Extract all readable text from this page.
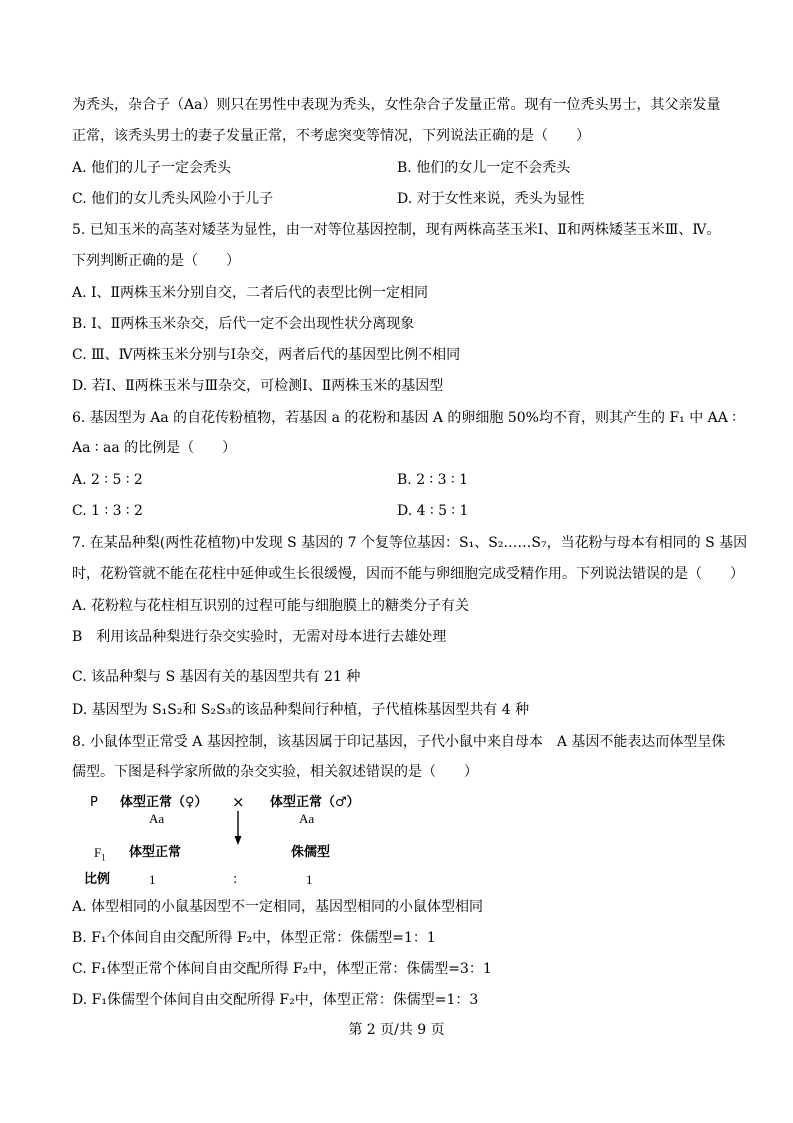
为秃头，杂合子（Aa）则只在男性中表现为秃头，女性杂合子发量正常。现有一位秃头男士，其父亲发量
正常，该秃头男士的妻子发量正常，不考虑突变等情况，下列说法正确的是（　　）
A. 他们的儿子一定会秃头	B. 他们的女儿一定不会秃头
C. 他们的女儿秃头风险小于儿子	D. 对于女性来说，秃头为显性
5. 已知玉米的高茎对矮茎为显性，由一对等位基因控制，现有两株高茎玉米Ⅰ、Ⅱ和两株矮茎玉米Ⅲ、Ⅳ。
下列判断正确的是（　　）
A. Ⅰ、Ⅱ两株玉米分别自交，二者后代的表型比例一定相同
B. Ⅰ、Ⅱ两株玉米杂交，后代一定不会出现性状分离现象
C. Ⅲ、Ⅳ两株玉米分别与Ⅰ杂交，两者后代的基因型比例不相同
D. 若Ⅰ、Ⅱ两株玉米与Ⅲ杂交，可检测Ⅰ、Ⅱ两株玉米的基因型
6. 基因型为 Aa 的自花传粉植物，若基因 a 的花粉和基因 A 的卵细胞 50%均不育，则其产生的 F₁ 中 AA ∶
Aa ∶ aa 的比例是（　　）
A. 2 ∶ 5 ∶ 2	B. 2 ∶ 3 ∶ 1
C. 1 ∶ 3 ∶ 2	D. 4 ∶ 5 ∶ 1
7. 在某品种梨(两性花植物)中发现 S 基因的 7 个复等位基因：S₁、S₂……S₇，当花粉与母本有相同的 S 基因
时，花粉管就不能在花柱中延伸或生长很缓慢，因而不能与卵细胞完成受精作用。下列说法错误的是（　　）
A. 花粉粒与花柱相互识别的过程可能与细胞膜上的糖类分子有关
B　利用该品种梨进行杂交实验时，无需对母本进行去雄处理
C. 该品种梨与 S 基因有关的基因型共有 21 种
D. 基因型为 S₁S₂和 S₂S₃的该品种梨间行种植，子代植株基因型共有 4 种
8. 小鼠体型正常受 A 基因控制，该基因属于印记基因，子代小鼠中来自母本　A 基因不能表达而体型呈侏
儒型。下图是科学家所做的杂交实验，相关叙述错误的是（　　）
P 体型正常（♀） × 体型正常（♂）
Aa	Aa
$F_1$ 体型正常	侏儒型
比例	1	:	1
A. 体型相同的小鼠基因型不一定相同，基因型相同的小鼠体型相同
B. F₁个体间自由交配所得 F₂中，体型正常：侏儒型=1：1
C. F₁体型正常个体间自由交配所得 F₂中，体型正常：侏儒型=3：1
D. F₁侏儒型个体间自由交配所得 F₂中，体型正常：侏儒型=1：3
第 2 页/共 9 页
